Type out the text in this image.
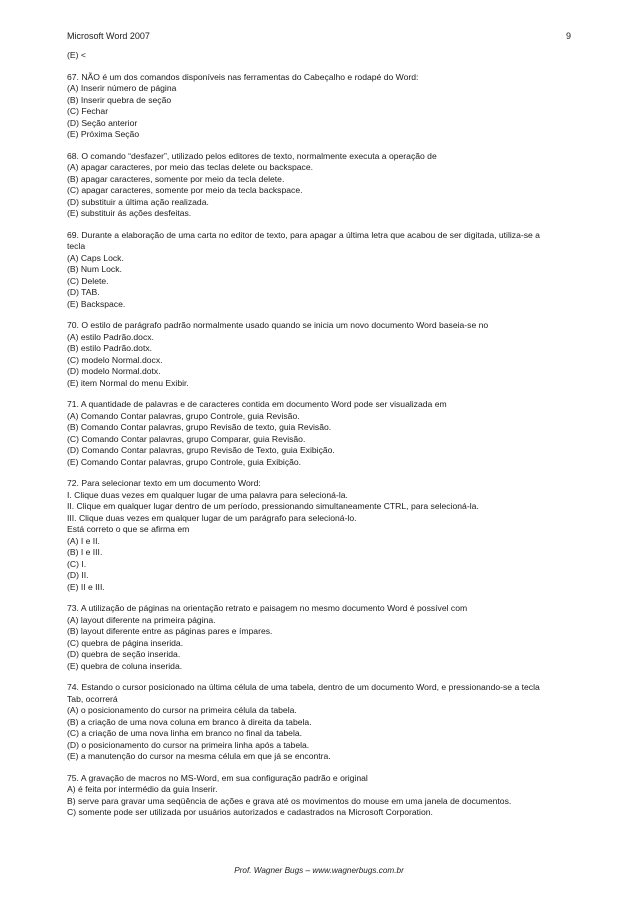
Microsoft Word 2007	9
(E) <
67. NÃO é um dos comandos disponíveis nas ferramentas do Cabeçalho e rodapé do Word:
(A) Inserir número de página
(B) Inserir quebra de seção
(C) Fechar
(D) Seção anterior
(E) Próxima Seção
68. O comando “desfazer”, utilizado pelos editores de texto, normalmente executa a operação de
(A) apagar caracteres, por meio das teclas delete ou backspace.
(B) apagar caracteres, somente por meio da tecla delete.
(C) apagar caracteres, somente por meio da tecla backspace.
(D) substituir a última ação realizada.
(E) substituir ás ações desfeitas.
69. Durante a elaboração de uma carta no editor de texto, para apagar a última letra que acabou de ser digitada, utiliza-se a
tecla
(A) Caps Lock.
(B) Num Lock.
(C) Delete.
(D) TAB.
(E) Backspace.
70. O estilo de parágrafo padrão normalmente usado quando se inicia um novo documento Word baseia-se no
(A) estilo Padrão.docx.
(B) estilo Padrão.dotx.
(C) modelo Normal.docx.
(D) modelo Normal.dotx.
(E) item Normal do menu Exibir.
71. A quantidade de palavras e de caracteres contida em documento Word pode ser visualizada em
(A) Comando Contar palavras, grupo Controle, guia Revisão.
(B) Comando Contar palavras, grupo Revisão de texto, guia Revisão.
(C) Comando Contar palavras, grupo Comparar, guia Revisão.
(D) Comando Contar palavras, grupo Revisão de Texto, guia Exibição.
(E) Comando Contar palavras, grupo Controle, guia Exibição.
72. Para selecionar texto em um documento Word:
I. Clique duas vezes em qualquer lugar de uma palavra para selecioná-la.
II. Clique em qualquer lugar dentro de um período, pressionando simultaneamente CTRL, para selecioná-la.
III. Clique duas vezes em qualquer lugar de um parágrafo para selecioná-lo.
Está correto o que se afirma em
(A) I e II.
(B) I e III.
(C) I.
(D) II.
(E) II e III.
73. A utilização de páginas na orientação retrato e paisagem no mesmo documento Word é possível com
(A) layout diferente na primeira página.
(B) layout diferente entre as páginas pares e ímpares.
(C) quebra de página inserida.
(D) quebra de seção inserida.
(E) quebra de coluna inserida.
74. Estando o cursor posicionado na última célula de uma tabela, dentro de um documento Word, e pressionando-se a tecla
Tab, ocorrerá
(A) o posicionamento do cursor na primeira célula da tabela.
(B) a criação de uma nova coluna em branco à direita da tabela.
(C) a criação de uma nova linha em branco no final da tabela.
(D) o posicionamento do cursor na primeira linha após a tabela.
(E) a manutenção do cursor na mesma célula em que já se encontra.
75. A gravação de macros no MS-Word, em sua configuração padrão e original
A) é feita por intermédio da guia Inserir.
B) serve para gravar uma seqüência de ações e grava até os movimentos do mouse em uma janela de documentos.
C) somente pode ser utilizada por usuários autorizados e cadastrados na Microsoft Corporation.
Prof. Wagner Bugs – www.wagnerbugs.com.br
